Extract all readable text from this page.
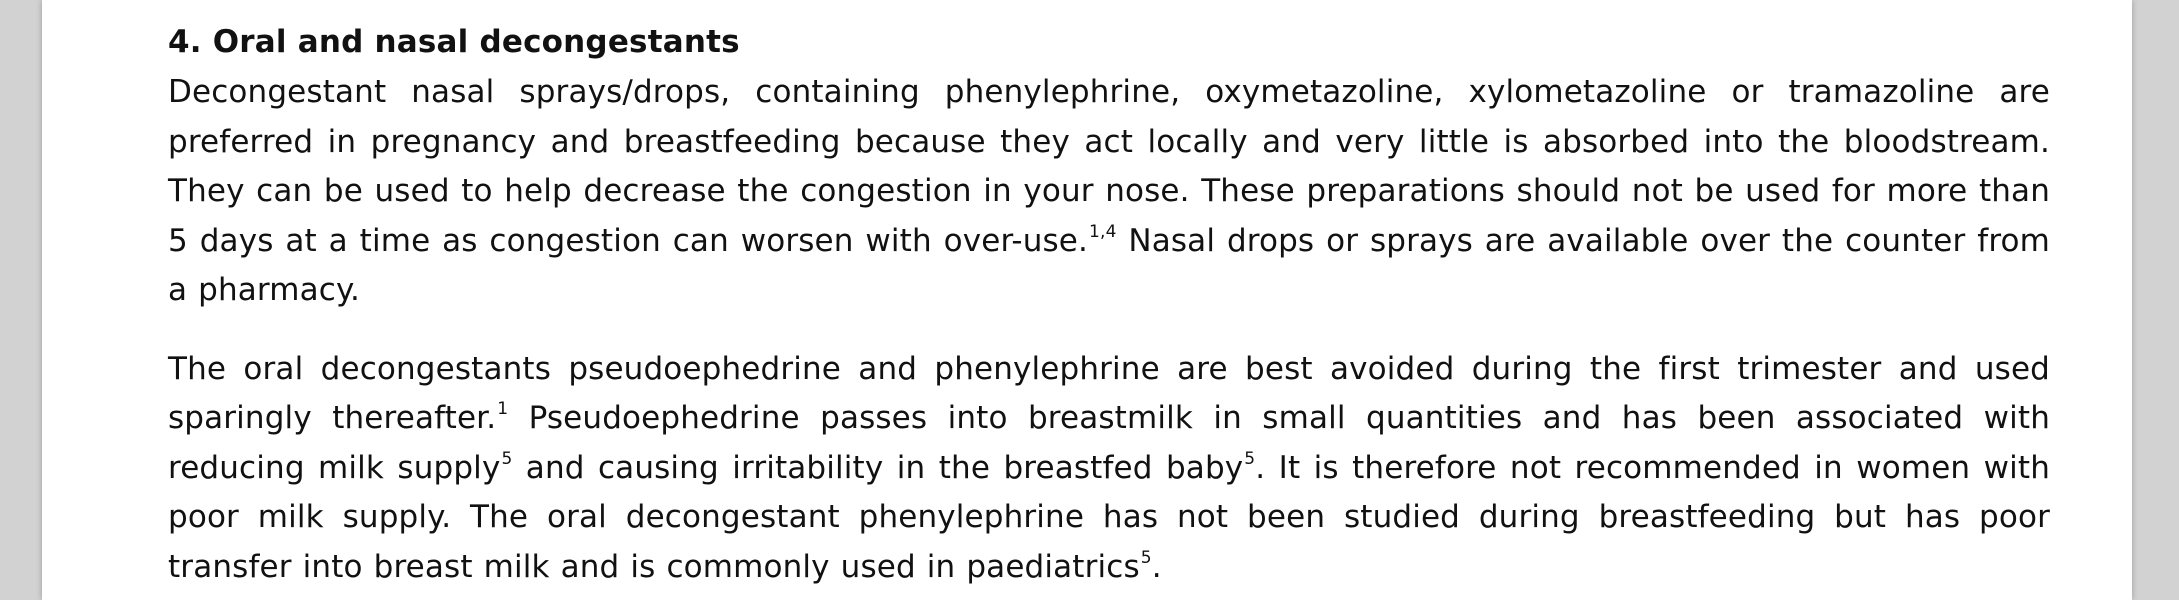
4. Oral and nasal decongestants

Decongestant nasal sprays/drops, containing phenylephrine, oxymetazoline, xylometazoline or tramazoline are preferred in pregnancy and breastfeeding because they act locally and very little is absorbed into the bloodstream. They can be used to help decrease the congestion in your nose. These preparations should not be used for more than 5 days at a time as congestion can worsen with over-use.$^{1,4}$ Nasal drops or sprays are available over the counter from a pharmacy.

The oral decongestants pseudoephedrine and phenylephrine are best avoided during the first trimester and used sparingly thereafter.$^1$ Pseudoephedrine passes into breastmilk in small quantities and has been associated with reducing milk supply$^5$ and causing irritability in the breastfed baby$^5$. It is therefore not recommended in women with poor milk supply. The oral decongestant phenylephrine has not been studied during breastfeeding but has poor transfer into breast milk and is commonly used in paediatrics$^5$.
